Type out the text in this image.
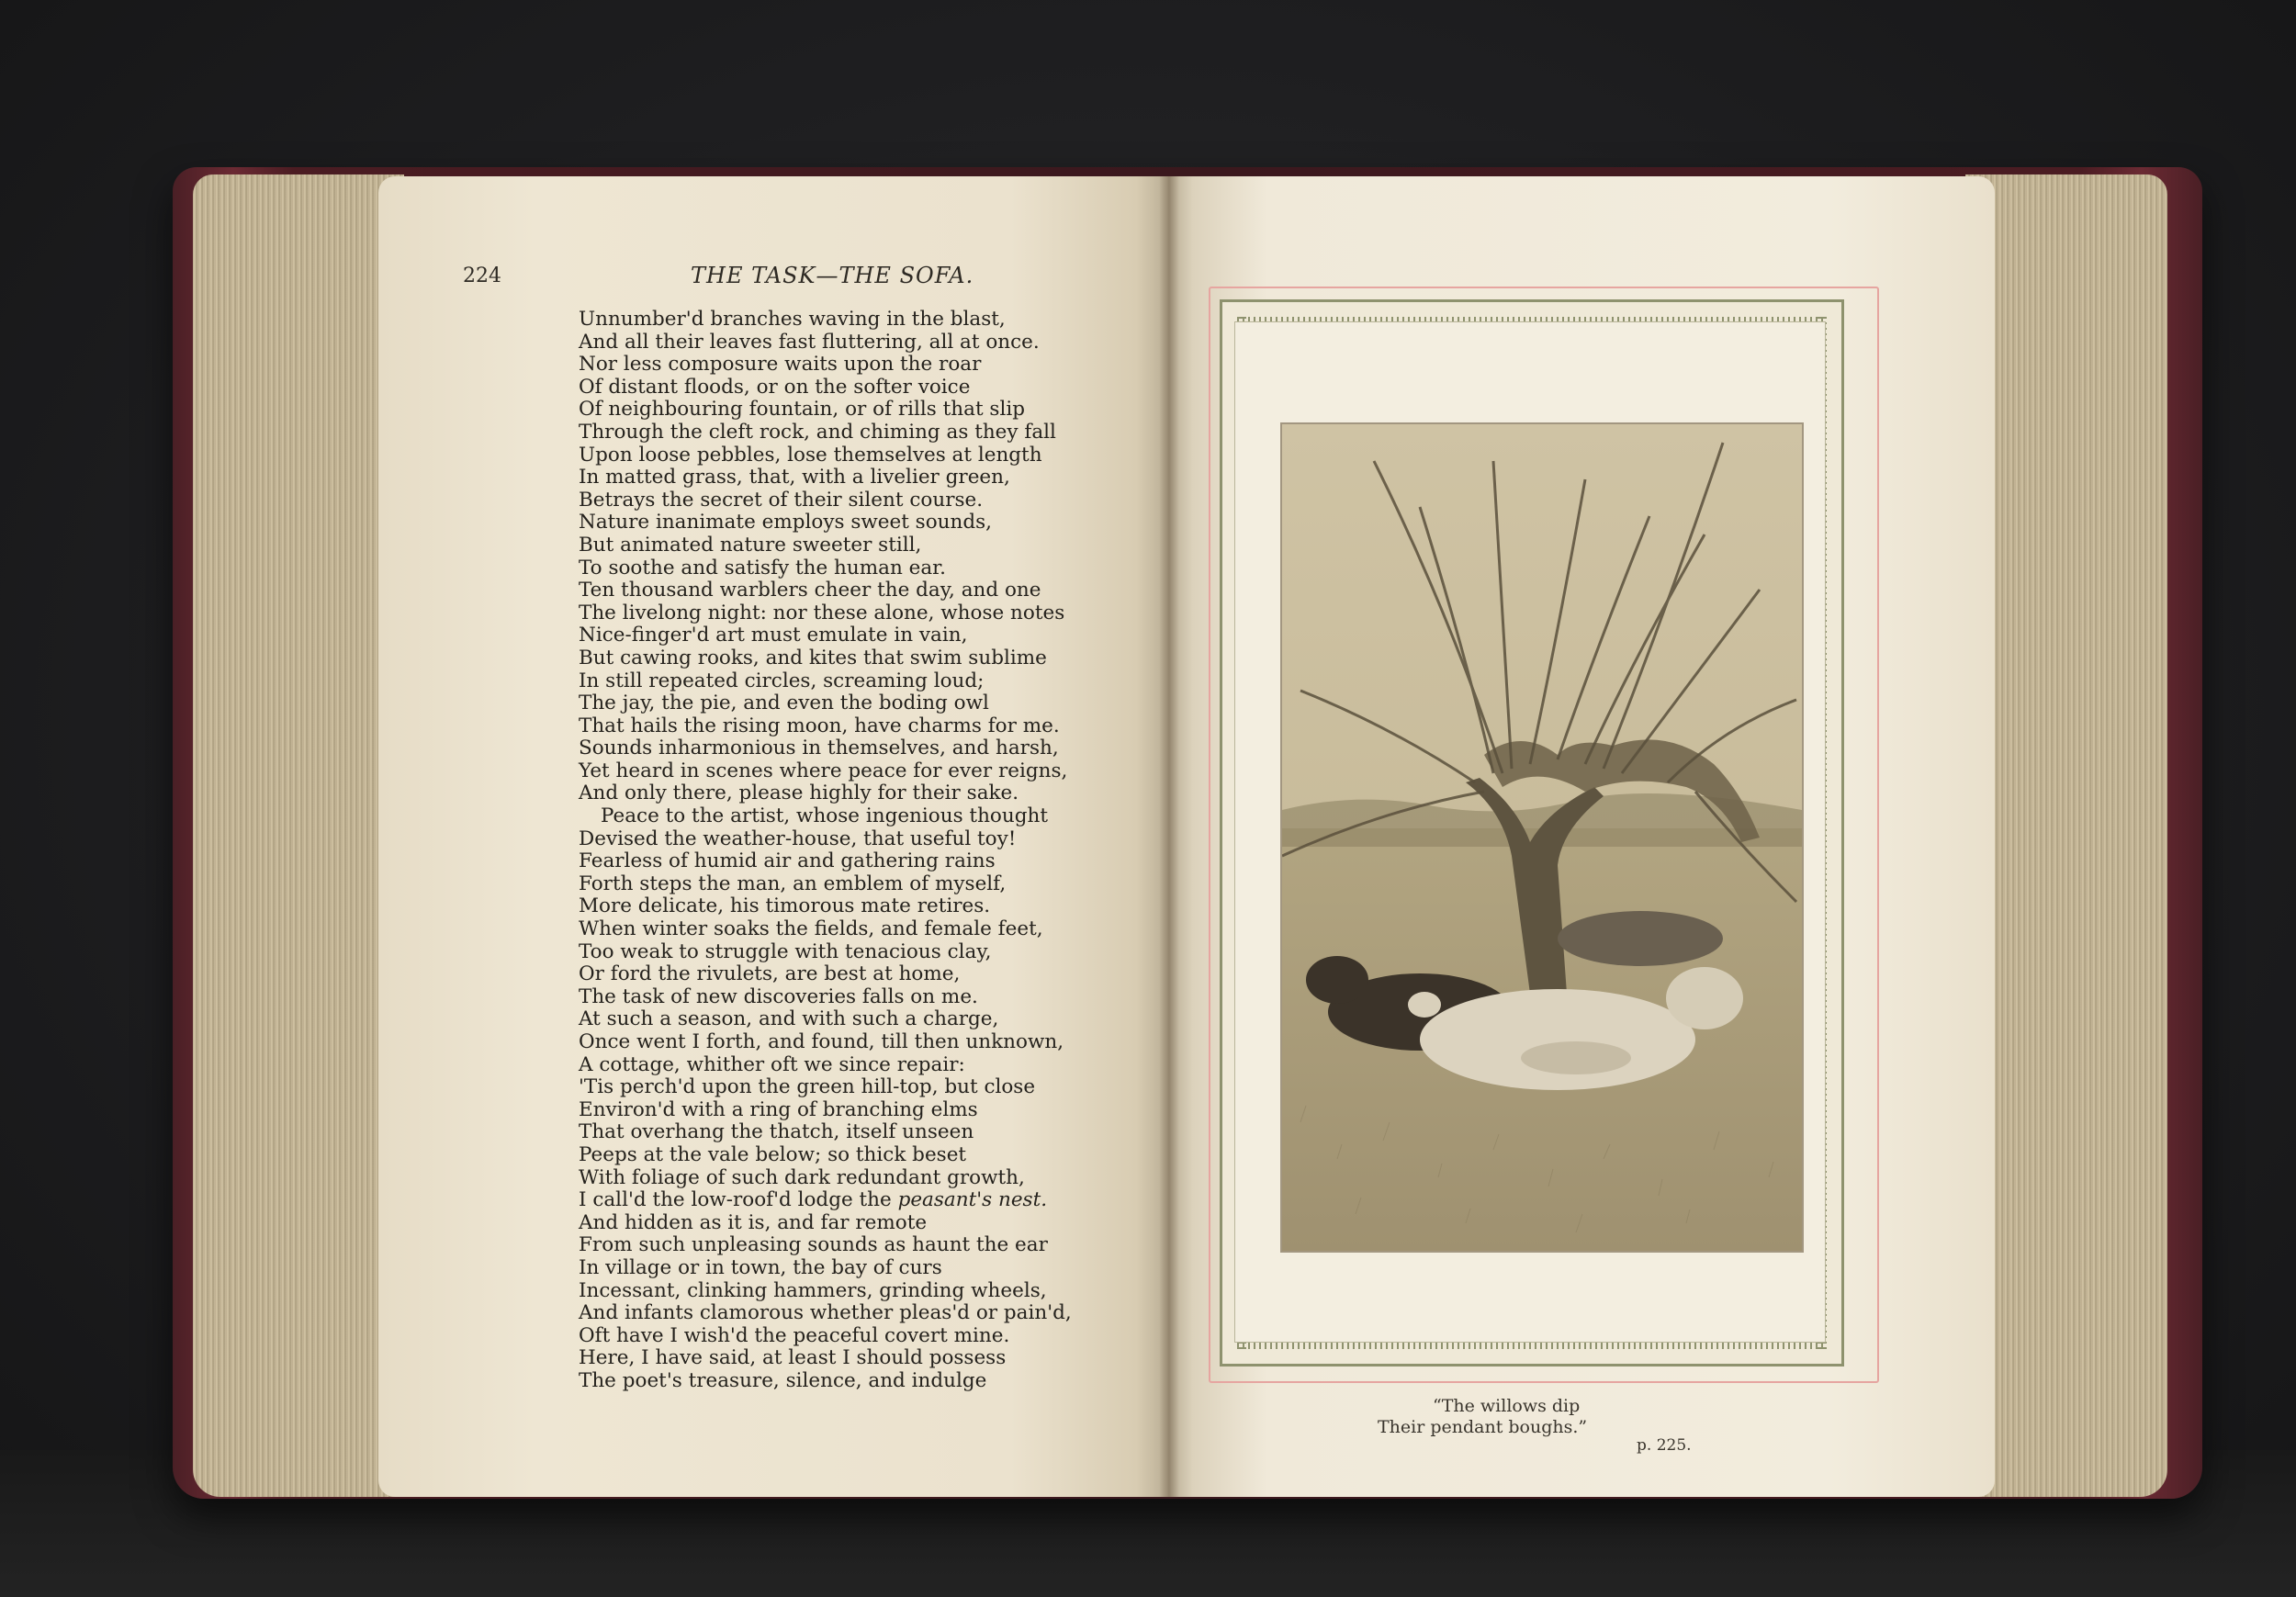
224	THE TASK—THE SOFA.
Unnumber'd branches waving in the blast,
And all their leaves fast fluttering, all at once.
Nor less composure waits upon the roar
Of distant floods, or on the softer voice
Of neighbouring fountain, or of rills that slip
Through the cleft rock, and chiming as they fall
Upon loose pebbles, lose themselves at length
In matted grass, that, with a livelier green,
Betrays the secret of their silent course.
Nature inanimate employs sweet sounds,
But animated nature sweeter still,
To soothe and satisfy the human ear.
Ten thousand warblers cheer the day, and one
The livelong night: nor these alone, whose notes
Nice-finger'd art must emulate in vain,
But cawing rooks, and kites that swim sublime
In still repeated circles, screaming loud;
The jay, the pie, and even the boding owl
That hails the rising moon, have charms for me.
Sounds inharmonious in themselves, and harsh,
Yet heard in scenes where peace for ever reigns,
And only there, please highly for their sake.
Peace to the artist, whose ingenious thought
Devised the weather-house, that useful toy!
Fearless of humid air and gathering rains
Forth steps the man, an emblem of myself,
More delicate, his timorous mate retires.
When winter soaks the fields, and female feet,
Too weak to struggle with tenacious clay,
Or ford the rivulets, are best at home,
The task of new discoveries falls on me.
At such a season, and with such a charge,
Once went I forth, and found, till then unknown,
A cottage, whither oft we since repair:
'Tis perch'd upon the green hill-top, but close
Environ'd with a ring of branching elms
That overhang the thatch, itself unseen
Peeps at the vale below; so thick beset
With foliage of such dark redundant growth,
I call'd the low-roof'd lodge the peasant's nest.
And hidden as it is, and far remote
From such unpleasing sounds as haunt the ear
In village or in town, the bay of curs
Incessant, clinking hammers, grinding wheels,
And infants clamorous whether pleas'd or pain'd,
Oft have I wish'd the peaceful covert mine.
Here, I have said, at least I should possess
The poet's treasure, silence, and indulge
“The willows dip
Their pendant boughs.”
p. 225.
